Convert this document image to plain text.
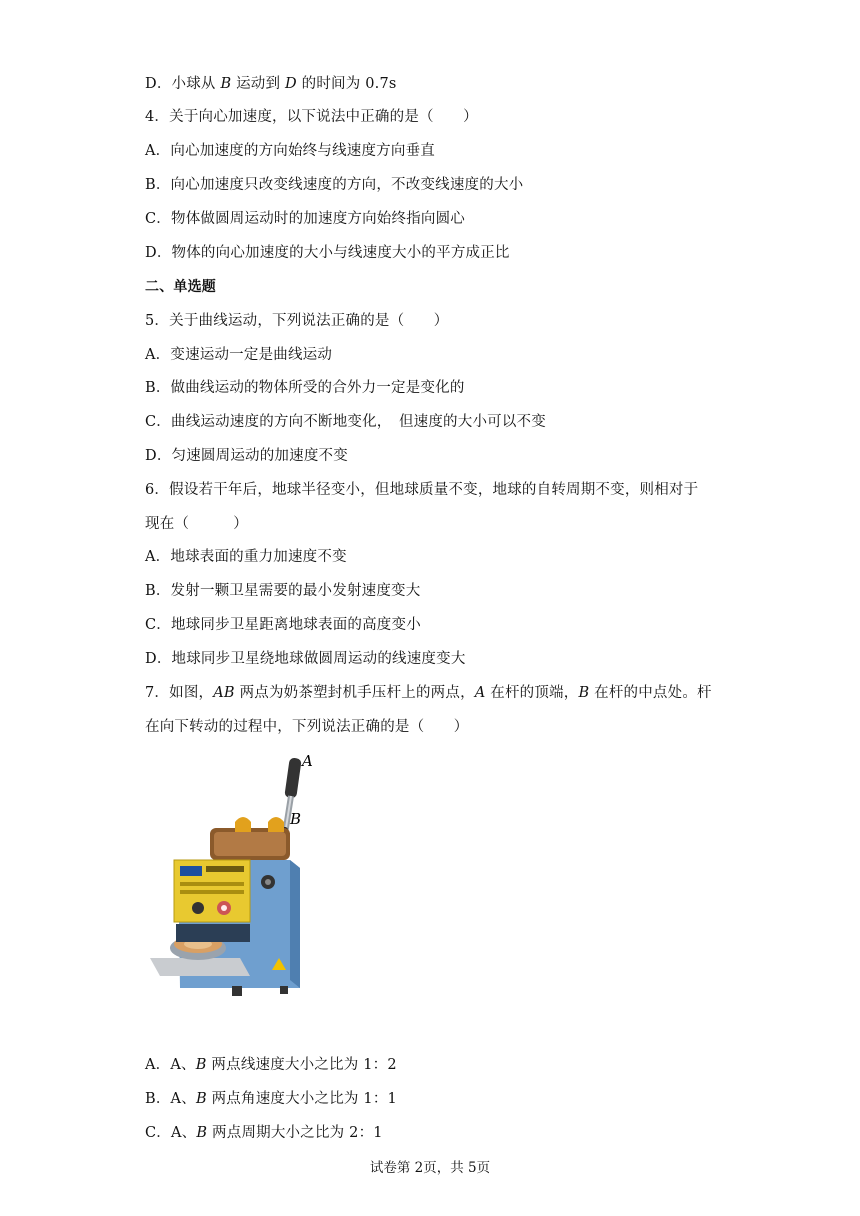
D．小球从 B 运动到 D 的时间为 0.7s
4．关于向心加速度，以下说法中正确的是（　　）
A．向心加速度的方向始终与线速度方向垂直
B．向心加速度只改变线速度的方向，不改变线速度的大小
C．物体做圆周运动时的加速度方向始终指向圆心
D．物体的向心加速度的大小与线速度大小的平方成正比
A．变速运动一定是曲线运动
B．做曲线运动的物体所受的合外力一定是变化的
C．曲线运动速度的方向不断地变化，　但速度的大小可以不变
D．匀速圆周运动的加速度不变
6．假设若干年后，地球半径变小，但地球质量不变，地球的自转周期不变，则相对于
现在（　　　）
A．地球表面的重力加速度不变
B．发射一颗卫星需要的最小发射速度变大
C．地球同步卫星距离地球表面的高度变小
D．地球同步卫星绕地球做圆周运动的线速度变大
7．如图，AB 两点为奶茶塑封机手压杆上的两点，A 在杆的顶端，B 在杆的中点处。杆
在向下转动的过程中，下列说法正确的是（　　）
A．A、B 两点线速度大小之比为 1：2
B．A、B 两点角速度大小之比为 1：1
C．A、B 两点周期大小之比为 2：1
二、单选题
5．关于曲线运动，下列说法正确的是（　　）
A
B
试卷第 2页，共 5页
